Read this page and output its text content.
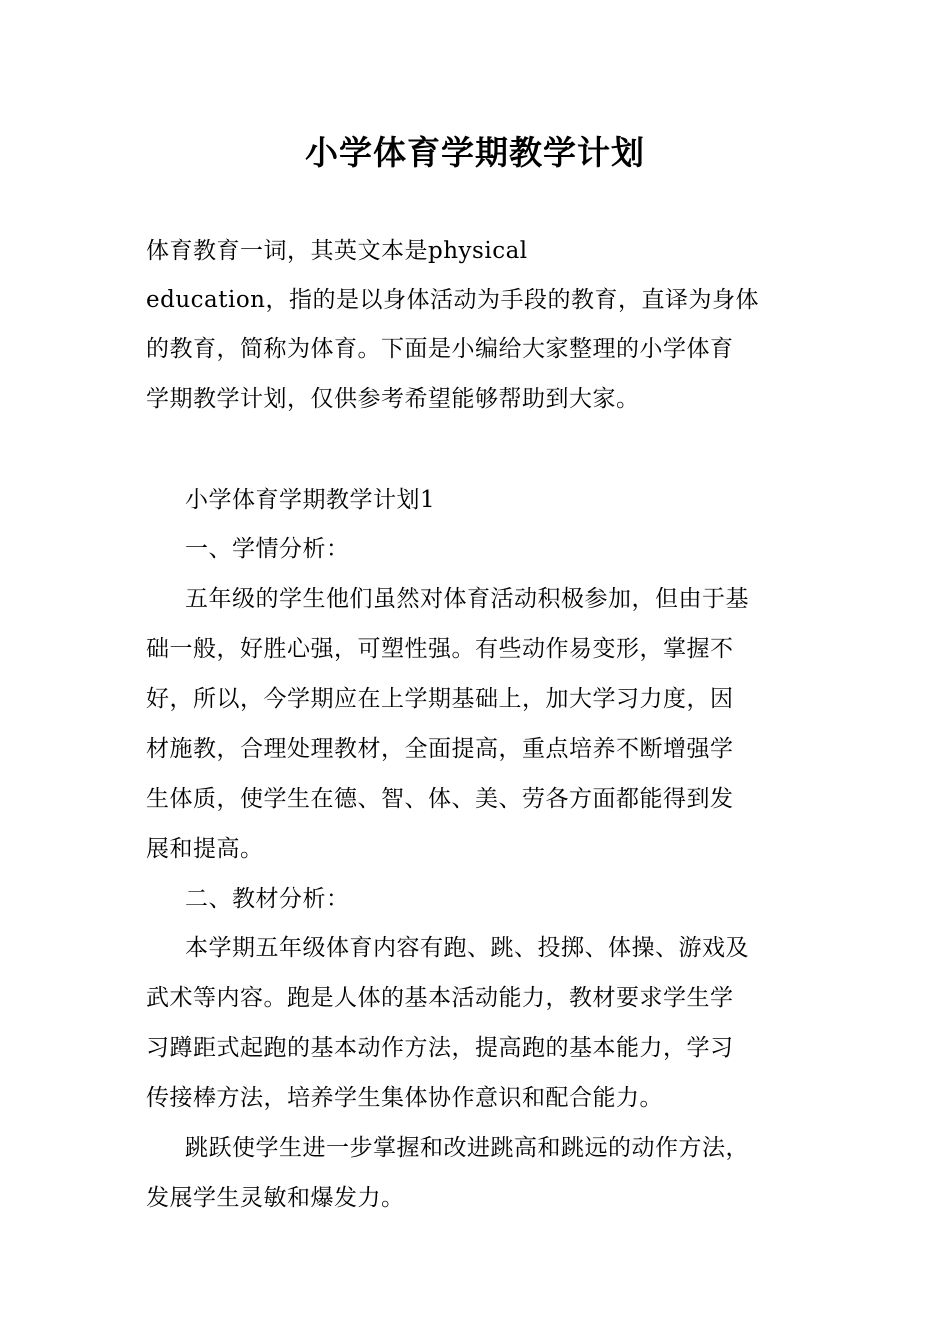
小学体育学期教学计划
体育教育一词，其英文本是physical
education，指的是以身体活动为手段的教育，直译为身体
的教育，简称为体育。下面是小编给大家整理的小学体育
学期教学计划，仅供参考希望能够帮助到大家。
小学体育学期教学计划1
一、学情分析：
五年级的学生他们虽然对体育活动积极参加，但由于基
础一般，好胜心强，可塑性强。有些动作易变形，掌握不
好，所以，今学期应在上学期基础上，加大学习力度，因
材施教，合理处理教材，全面提高，重点培养不断增强学
生体质，使学生在德、智、体、美、劳各方面都能得到发
展和提高。
二、教材分析：
本学期五年级体育内容有跑、跳、投掷、体操、游戏及
武术等内容。跑是人体的基本活动能力，教材要求学生学
习蹲距式起跑的基本动作方法，提高跑的基本能力，学习
传接棒方法，培养学生集体协作意识和配合能力。
跳跃使学生进一步掌握和改进跳高和跳远的动作方法，
发展学生灵敏和爆发力。
